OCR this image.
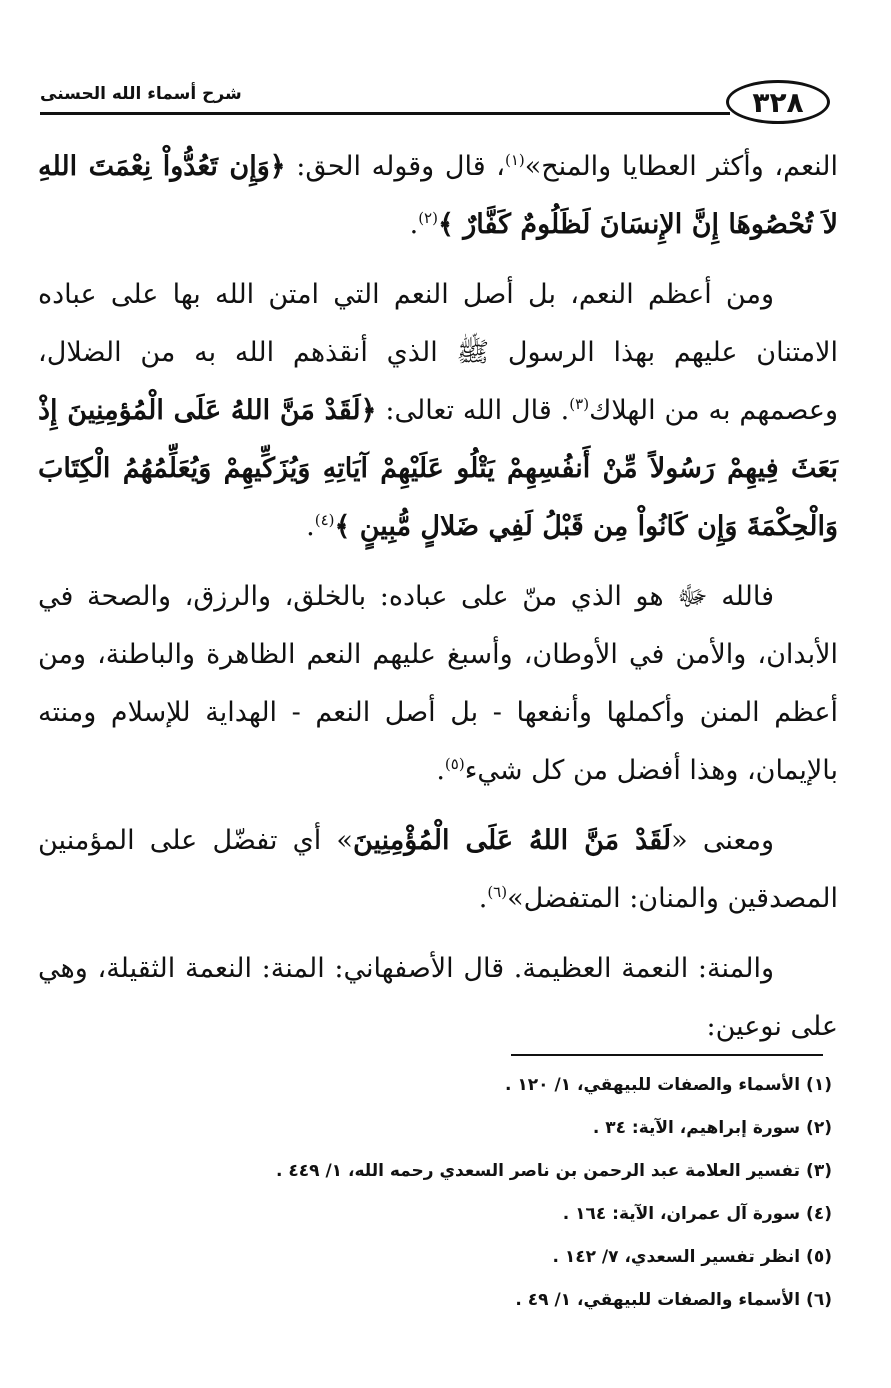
شرح أسماء الله الحسنى	٣٢٨

النعم، وأكثر العطايا والمنح»$^{(١)}$، قال وقوله الحق: ﴿وَإِن تَعُدُّواْ نِعْمَتَ اللهِ لاَ تُحْصُوهَا إِنَّ الإِنسَانَ لَظَلُومٌ كَفَّارٌ ﴾$^{(٢)}$.

ومن أعظم النعم، بل أصل النعم التي امتن الله بها على عباده الامتنان عليهم بهذا الرسول ﷺ الذي أنقذهم الله به من الضلال، وعصمهم به من الهلاك$^{(٣)}$. قال الله تعالى: ﴿لَقَدْ مَنَّ اللهُ عَلَى الْمُؤمِنِينَ إِذْ بَعَثَ فِيهِمْ رَسُولاً مِّنْ أَنفُسِهِمْ يَتْلُو عَلَيْهِمْ آيَاتِهِ وَيُزَكِّيهِمْ وَيُعَلِّمُهُمُ الْكِتَابَ وَالْحِكْمَةَ وَإِن كَانُواْ مِن قَبْلُ لَفِي ضَلالٍ مُّبِينٍ ﴾$^{(٤)}$.

فالله ﷻ هو الذي منّ على عباده: بالخلق، والرزق، والصحة في الأبدان، والأمن في الأوطان، وأسبغ عليهم النعم الظاهرة والباطنة، ومن أعظم المنن وأكملها وأنفعها - بل أصل النعم - الهداية للإسلام ومنته بالإيمان، وهذا أفضل من كل شيء$^{(٥)}$.

ومعنى «لَقَدْ مَنَّ اللهُ عَلَى الْمُؤْمِنِينَ» أي تفضّل على المؤمنين المصدقين والمنان: المتفضل»$^{(٦)}$.

والمنة: النعمة العظيمة. قال الأصفهاني: المنة: النعمة الثقيلة، وهي على نوعين:

(١)الأسماء والصفات للبيهقي، ١/ ١٢٠ .
(٢)سورة إبراهيم، الآية: ٣٤ .
(٣)تفسير العلامة عبد الرحمن بن ناصر السعدي رحمه الله، ١/ ٤٤٩ .
(٤)سورة آل عمران، الآية: ١٦٤ .
(٥)انظر تفسير السعدي، ٧/ ١٤٢ .
(٦)الأسماء والصفات للبيهقي، ١/ ٤٩ .
